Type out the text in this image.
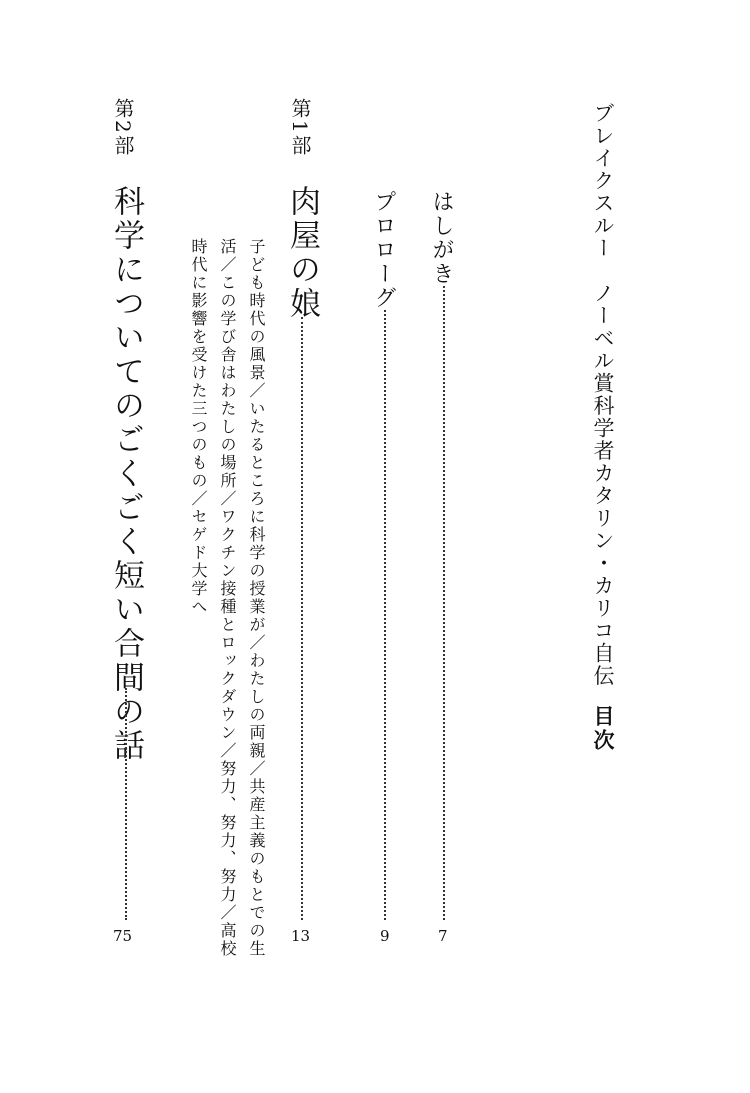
ブレイクスルー　ノーベル賞科学者カタリン・カリコ自伝目次
はしがき
7
プロローグ
9
第1部
肉屋の娘
13
子ども時代の風景／いたるところに科学の授業が／わたしの両親／共産主義のもとでの生
活／この学び舎はわたしの場所／ワクチン接種とロックダウン／努力、努力、努力／高校
時代に影響を受けた三つのもの／セゲド大学へ
第2部
科学についてのごくごく短い合間の話
75
